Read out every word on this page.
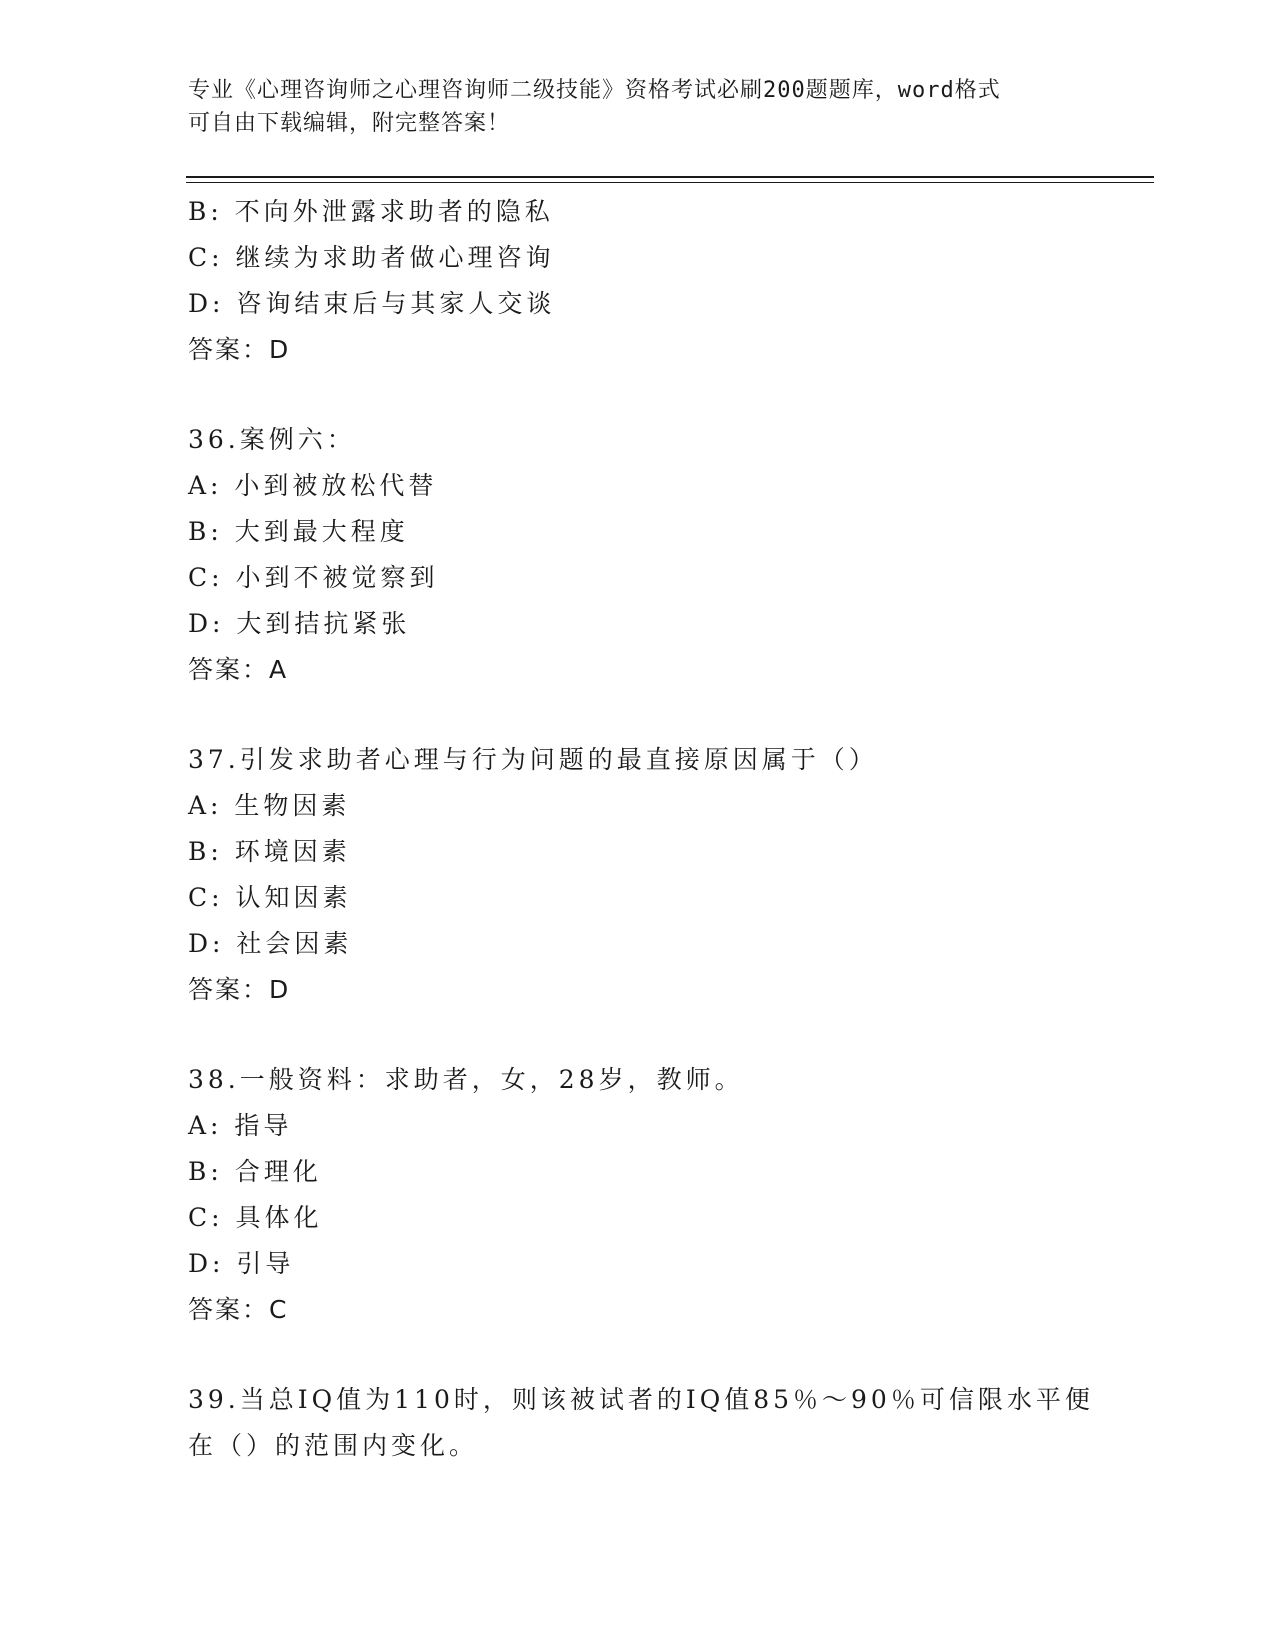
专业《心理咨询师之心理咨询师二级技能》资格考试必刷200题题库，word格式
可自由下载编辑，附完整答案！
B: 不向外泄露求助者的隐私
C: 继续为求助者做心理咨询
D: 咨询结束后与其家人交谈
答案：D
36.案例六：
A: 小到被放松代替
B: 大到最大程度
C: 小到不被觉察到
D: 大到拮抗紧张
答案：A
37.引发求助者心理与行为问题的最直接原因属于（）
A: 生物因素
B: 环境因素
C: 认知因素
D: 社会因素
答案：D
38.一般资料：求助者，女，28岁，教师。
A: 指导
B: 合理化
C: 具体化
D: 引导
答案：C
39.当总IQ值为110时，则该被试者的IQ值85％～90％可信限水平便
在（）的范围内变化。
